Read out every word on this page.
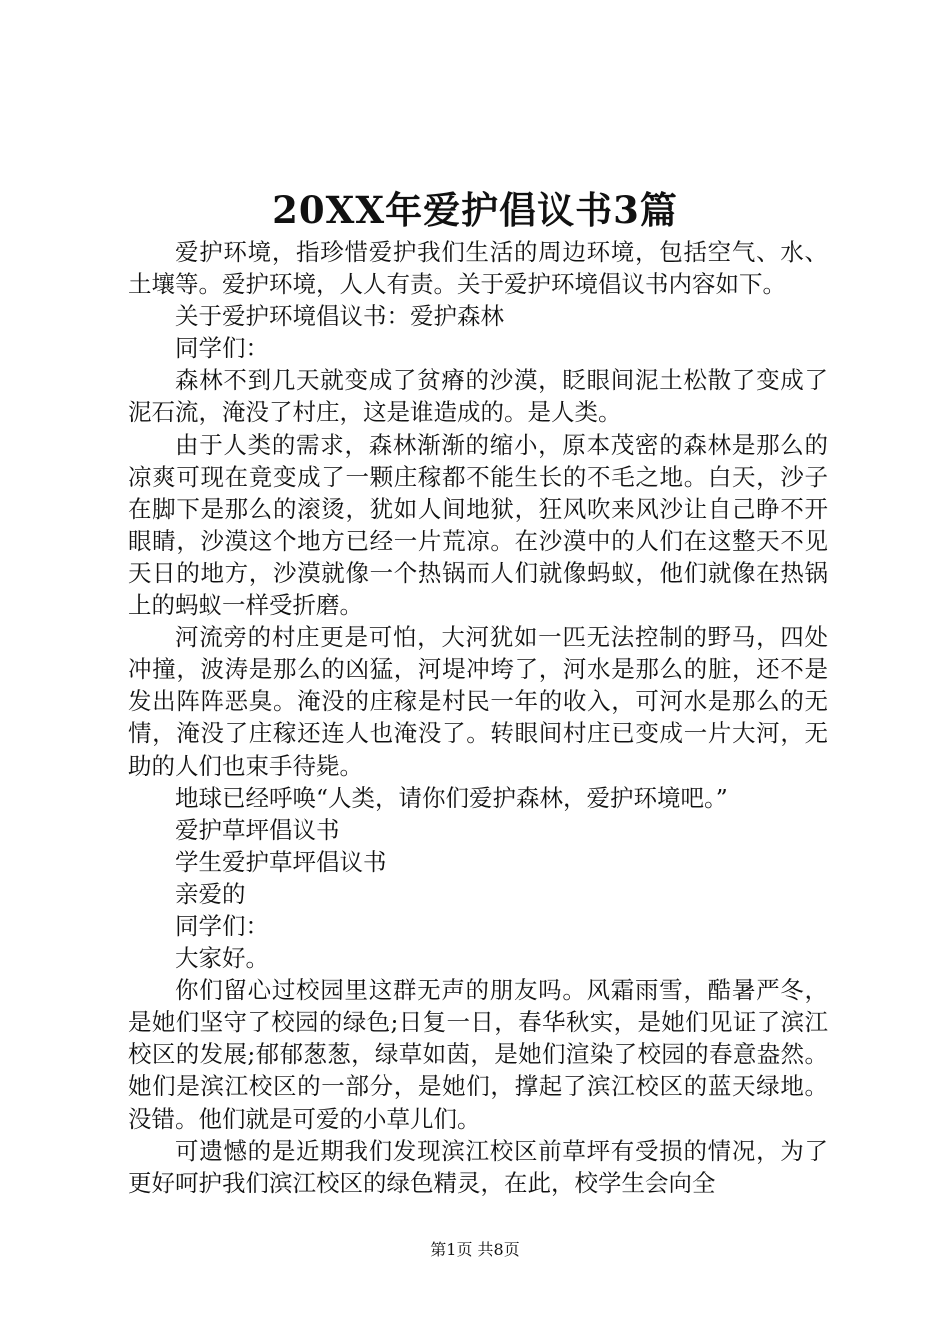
20XX年爱护倡议书3篇

爱护环境，指珍惜爱护我们生活的周边环境，包括空气、水、土壤等。爱护环境，人人有责。关于爱护环境倡议书内容如下。

关于爱护环境倡议书：爱护森林

同学们：

森林不到几天就变成了贫瘠的沙漠，眨眼间泥土松散了变成了泥石流，淹没了村庄，这是谁造成的。是人类。

由于人类的需求，森林渐渐的缩小，原本茂密的森林是那么的凉爽可现在竟变成了一颗庄稼都不能生长的不毛之地。白天，沙子在脚下是那么的滚烫，犹如人间地狱，狂风吹来风沙让自己睁不开眼睛，沙漠这个地方已经一片荒凉。在沙漠中的人们在这整天不见天日的地方，沙漠就像一个热锅而人们就像蚂蚁，他们就像在热锅上的蚂蚁一样受折磨。

河流旁的村庄更是可怕，大河犹如一匹无法控制的野马，四处冲撞，波涛是那么的凶猛，河堤冲垮了，河水是那么的脏，还不是发出阵阵恶臭。淹没的庄稼是村民一年的收入，可河水是那么的无情，淹没了庄稼还连人也淹没了。转眼间村庄已变成一片大河，无助的人们也束手待毙。

地球已经呼唤“人类，请你们爱护森林，爱护环境吧。”

爱护草坪倡议书

学生爱护草坪倡议书

亲爱的

同学们：

大家好。

你们留心过校园里这群无声的朋友吗。风霜雨雪，酷暑严冬，是她们坚守了校园的绿色;日复一日，春华秋实，是她们见证了滨江校区的发展;郁郁葱葱，绿草如茵，是她们渲染了校园的春意盎然。她们是滨江校区的一部分，是她们，撑起了滨江校区的蓝天绿地。没错。他们就是可爱的小草儿们。

可遗憾的是近期我们发现滨江校区前草坪有受损的情况，为了更好呵护我们滨江校区的绿色精灵，在此，校学生会向全

第1页 共8页
